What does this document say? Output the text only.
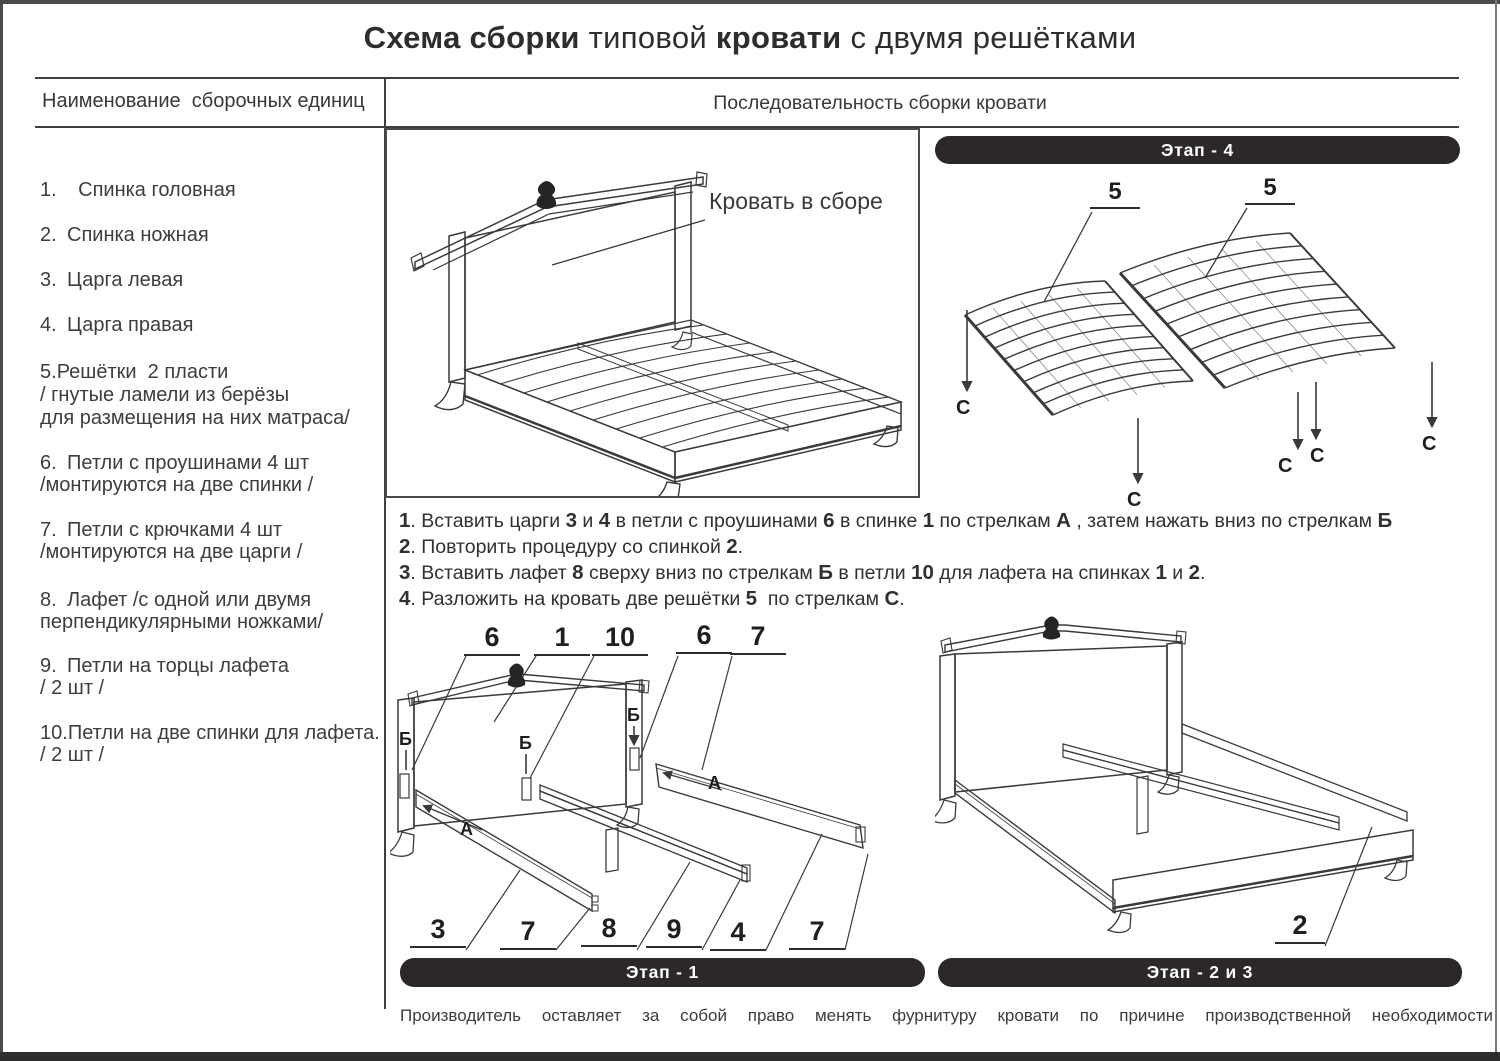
Схема сборки типовой кровати с двумя решётками
Наименование  сборочных единиц	Последовательность сборки кровати
1. Спинка головная
2. Спинка ножная
3. Царга левая
4. Царга правая
5.Решётки  2 пласти
/ гнутые ламели из берёзы
для размещения на них матраса/
6. Петли с проушинами 4 шт
/монтируются на две спинки /
7. Петли с крючками 4 шт
/монтируются на две царги /
8. Лафет /с одной или двумя
перпендикулярными ножками/
9. Петли на торцы лафета
/ 2 шт /
10.Петли на две спинки для лафета.
/ 2 шт /
Кровать в сборе
Этап - 4
5	5
С
С
С С
С
1. Вставить царги 3 и 4 в петли с проушинами 6 в спинке 1 по стрелкам А , затем нажать вниз по стрелкам Б
2. Повторить процедуру со спинкой 2.
3. Вставить лафет 8 сверху вниз по стрелкам Б в петли 10 для лафета на спинках 1 и 2.
4. Разложить на кровать две решётки 5  по стрелкам С.
6	1	10	6	7
3	7	8	9	4	7
Б	Б
Б
А
А
2
Этап - 1	Этап - 2 и 3
Производитель оставляет за собой право менять фурнитуру кровати по причине производственной необходимости
